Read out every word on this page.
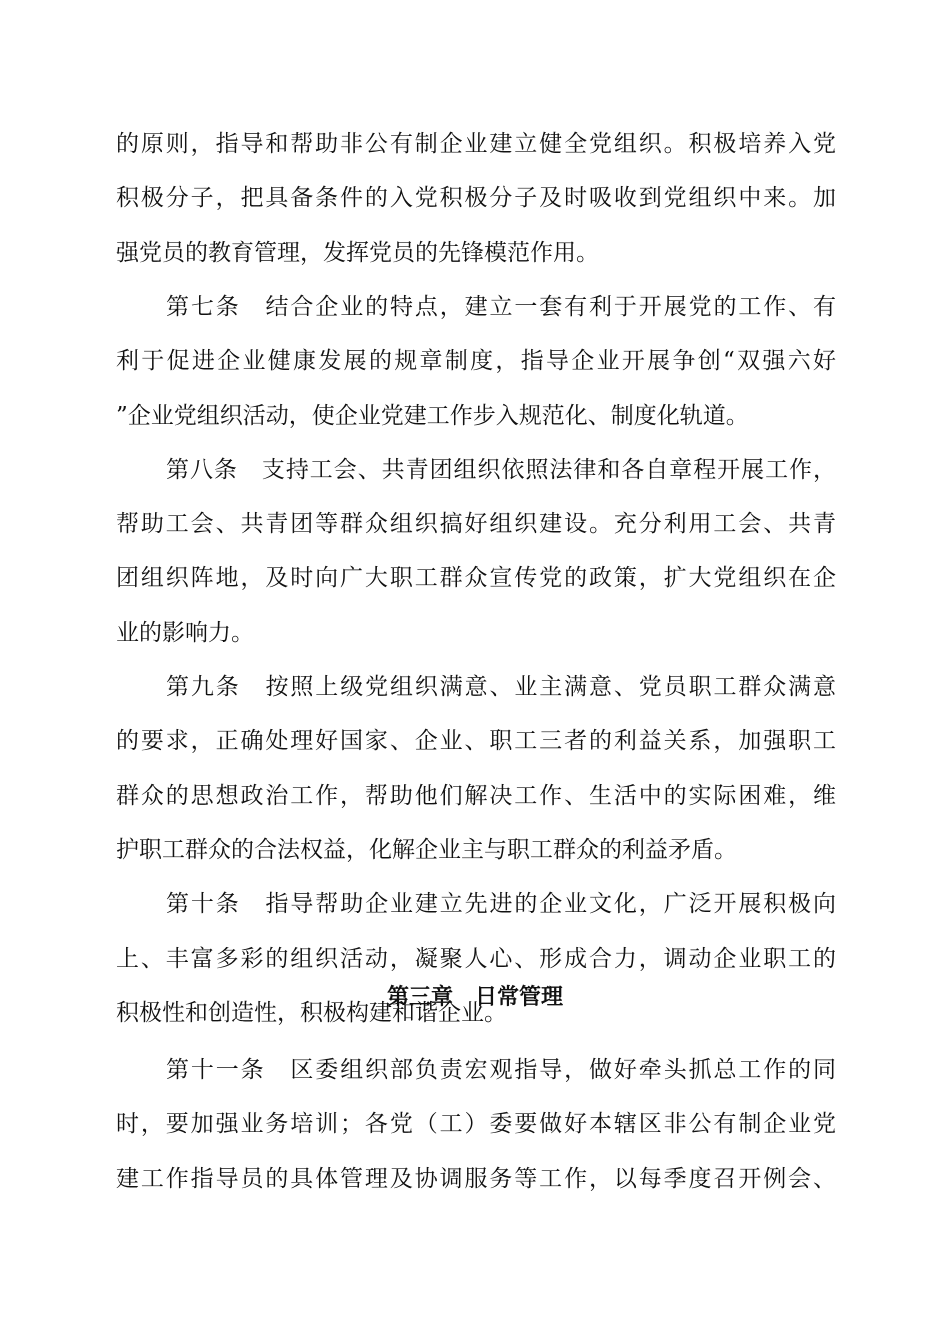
的原则，指导和帮助非公有制企业建立健全党组织。积极培养入党
积极分子，把具备条件的入党积极分子及时吸收到党组织中来。加
强党员的教育管理，发挥党员的先锋模范作用。
第七条　结合企业的特点，建立一套有利于开展党的工作、有
利于促进企业健康发展的规章制度，指导企业开展争创“双强六好
”企业党组织活动，使企业党建工作步入规范化、制度化轨道。
第八条　支持工会、共青团组织依照法律和各自章程开展工作，
帮助工会、共青团等群众组织搞好组织建设。充分利用工会、共青
团组织阵地，及时向广大职工群众宣传党的政策，扩大党组织在企
业的影响力。
第九条　按照上级党组织满意、业主满意、党员职工群众满意
的要求，正确处理好国家、企业、职工三者的利益关系，加强职工
群众的思想政治工作，帮助他们解决工作、生活中的实际困难，维
护职工群众的合法权益，化解企业主与职工群众的利益矛盾。
第十条　指导帮助企业建立先进的企业文化，广泛开展积极向
上、丰富多彩的组织活动，凝聚人心、形成合力，调动企业职工的
积极性和创造性，积极构建和谐企业。
第十一条　区委组织部负责宏观指导，做好牵头抓总工作的同
时，要加强业务培训；各党（工）委要做好本辖区非公有制企业党
建工作指导员的具体管理及协调服务等工作，以每季度召开例会、
第三章　日常管理
